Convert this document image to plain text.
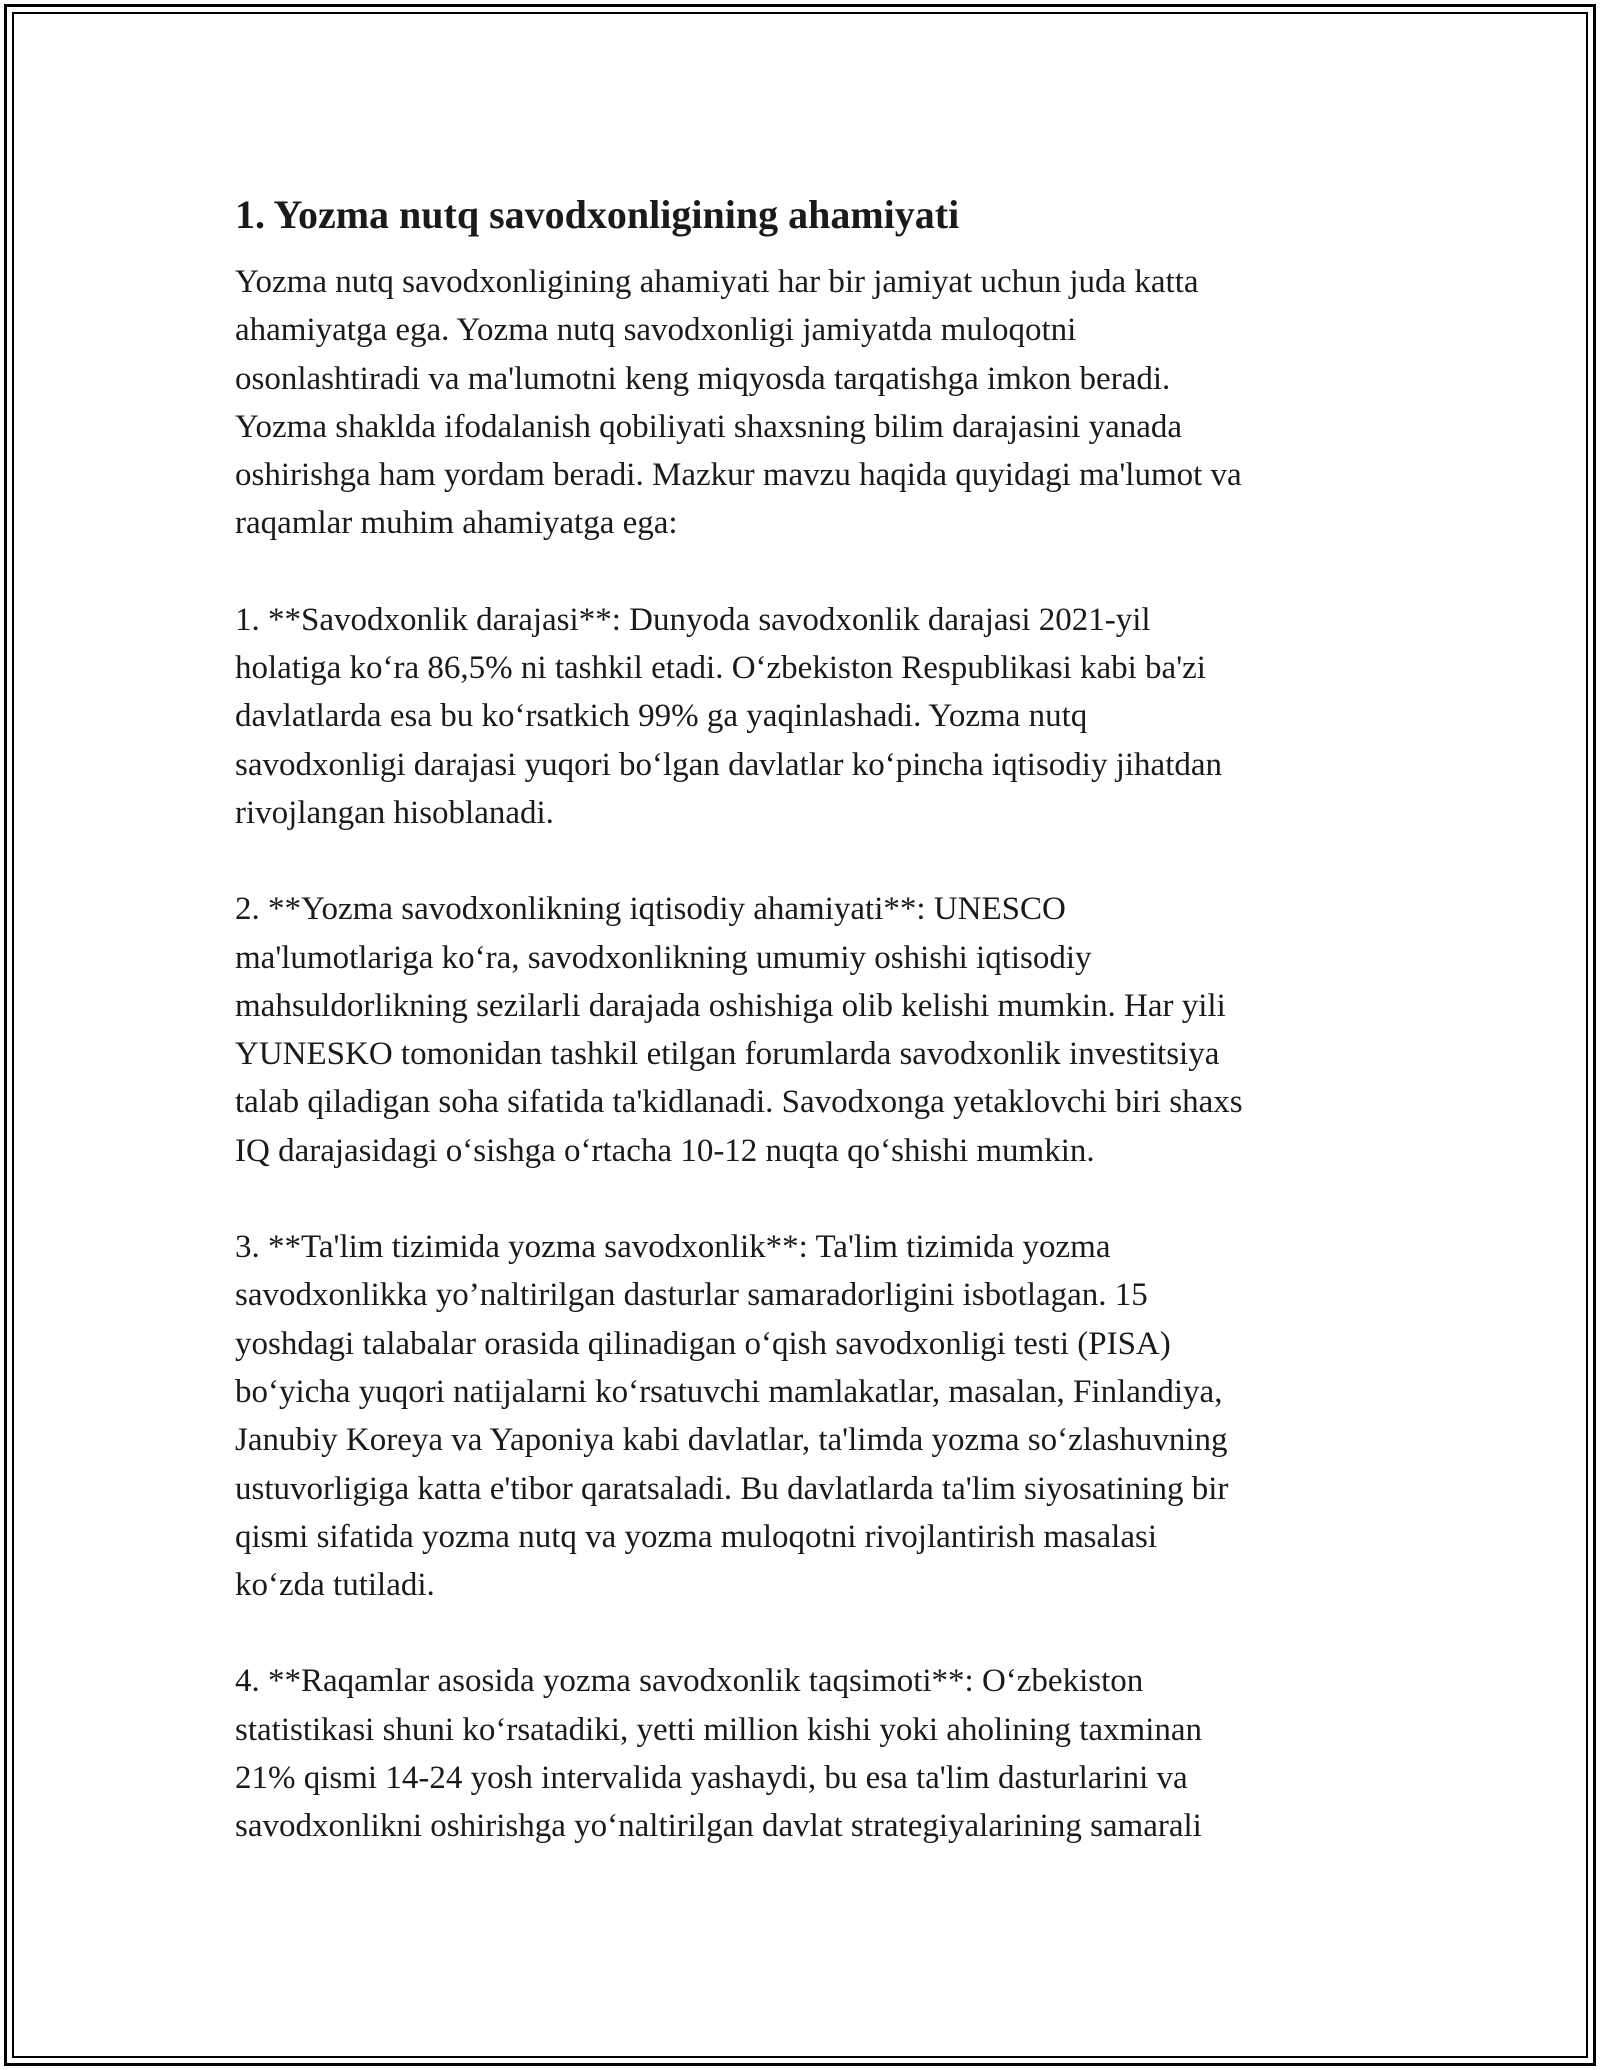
1. Yozma nutq savodxonligining ahamiyati

Yozma nutq savodxonligining ahamiyati har bir jamiyat uchun juda katta
ahamiyatga ega. Yozma nutq savodxonligi jamiyatda muloqotni
osonlashtiradi va ma'lumotni keng miqyosda tarqatishga imkon beradi.
Yozma shaklda ifodalanish qobiliyati shaxsning bilim darajasini yanada
oshirishga ham yordam beradi. Mazkur mavzu haqida quyidagi ma'lumot va
raqamlar muhim ahamiyatga ega:

1. **Savodxonlik darajasi**: Dunyoda savodxonlik darajasi 2021-yil
holatiga koʻra 86,5% ni tashkil etadi. Oʻzbekiston Respublikasi kabi ba'zi
davlatlarda esa bu koʻrsatkich 99% ga yaqinlashadi. Yozma nutq
savodxonligi darajasi yuqori boʻlgan davlatlar koʻpincha iqtisodiy jihatdan
rivojlangan hisoblanadi.

2. **Yozma savodxonlikning iqtisodiy ahamiyati**: UNESCO
ma'lumotlariga koʻra, savodxonlikning umumiy oshishi iqtisodiy
mahsuldorlikning sezilarli darajada oshishiga olib kelishi mumkin. Har yili
YUNESKO tomonidan tashkil etilgan forumlarda savodxonlik investitsiya
talab qiladigan soha sifatida ta'kidlanadi. Savodxonga yetaklovchi biri shaxs
IQ darajasidagi oʻsishga oʻrtacha 10-12 nuqta qoʻshishi mumkin.

3. **Ta'lim tizimida yozma savodxonlik**: Ta'lim tizimida yozma
savodxonlikka yo’naltirilgan dasturlar samaradorligini isbotlagan. 15
yoshdagi talabalar orasida qilinadigan oʻqish savodxonligi testi (PISA)
boʻyicha yuqori natijalarni koʻrsatuvchi mamlakatlar, masalan, Finlandiya,
Janubiy Koreya va Yaponiya kabi davlatlar, ta'limda yozma soʻzlashuvning
ustuvorligiga katta e'tibor qaratsaladi. Bu davlatlarda ta'lim siyosatining bir
qismi sifatida yozma nutq va yozma muloqotni rivojlantirish masalasi
koʻzda tutiladi.

4. **Raqamlar asosida yozma savodxonlik taqsimoti**: Oʻzbekiston
statistikasi shuni koʻrsatadiki, yetti million kishi yoki aholining taxminan
21% qismi 14-24 yosh intervalida yashaydi, bu esa ta'lim dasturlarini va
savodxonlikni oshirishga yoʻnaltirilgan davlat strategiyalarining samarali
